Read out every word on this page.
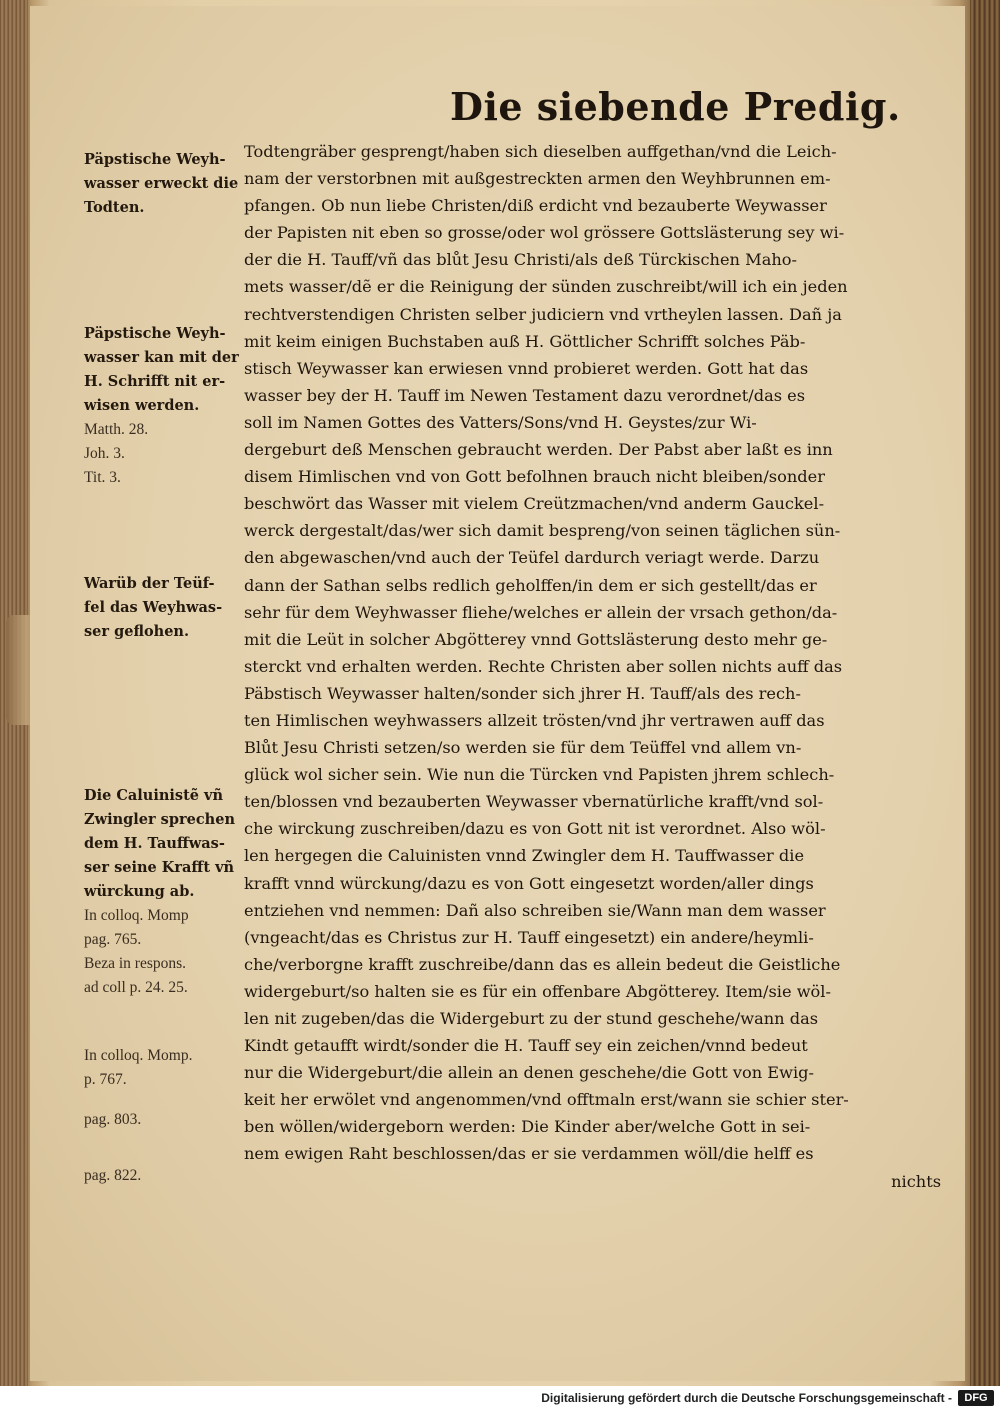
Die siebende Predig.
Päpstische Weyh-
wasser erweckt die
Todten.
Päpstische Weyh-
wasser kan mit der
H. Schrifft nit er-
wisen werden.
Matth. 28.
Joh. 3.
Tit. 3.
Warüb der Teüf-
fel das Weyhwas-
ser geflohen.
Die Caluinistẽ vñ
Zwingler sprechen
dem H. Tauffwas-
ser seine Krafft vñ
würckung ab.
In colloq. Momp
pag. 765.
Beza in respons.
ad coll p. 24. 25.
In colloq. Momp.
p. 767.
pag. 803.
pag. 822.
Todtengräber gesprengt/haben sich dieselben auffgethan/vnd die Leich-
nam der verstorbnen mit außgestreckten armen den Weyhbrunnen em-
pfangen. Ob nun liebe Christen/diß erdicht vnd bezauberte Weywasser
der Papisten nit eben so grosse/oder wol grössere Gottslästerung sey wi-
der die H. Tauff/vñ das blůt Jesu Christi/als deß Türckischen Maho-
mets wasser/dẽ er die Reinigung der sünden zuschreibt/will ich ein jeden
rechtverstendigen Christen selber judiciern vnd vrtheylen lassen. Dañ ja
mit keim einigen Buchstaben auß H. Göttlicher Schrifft solches Päb-
stisch Weywasser kan erwiesen vnnd probieret werden. Gott hat das
wasser bey der H. Tauff im Newen Testament dazu verordnet/das es
soll im Namen Gottes des Vatters/Sons/vnd H. Geystes/zur Wi-
dergeburt deß Menschen gebraucht werden. Der Pabst aber laßt es inn
disem Himlischen vnd von Gott befolhnen brauch nicht bleiben/sonder
beschwört das Wasser mit vielem Creützmachen/vnd anderm Gauckel-
werck dergestalt/das/wer sich damit bespreng/von seinen täglichen sün-
den abgewaschen/vnd auch der Teüfel dardurch veriagt werde. Darzu
dann der Sathan selbs redlich geholffen/in dem er sich gestellt/das er
sehr für dem Weyhwasser fliehe/welches er allein der vrsach gethon/da-
mit die Leüt in solcher Abgötterey vnnd Gottslästerung desto mehr ge-
sterckt vnd erhalten werden. Rechte Christen aber sollen nichts auff das
Päbstisch Weywasser halten/sonder sich jhrer H. Tauff/als des rech-
ten Himlischen weyhwassers allzeit trösten/vnd jhr vertrawen auff das
Blůt Jesu Christi setzen/so werden sie für dem Teüffel vnd allem vn-
glück wol sicher sein. Wie nun die Türcken vnd Papisten jhrem schlech-
ten/blossen vnd bezauberten Weywasser vbernatürliche krafft/vnd sol-
che wirckung zuschreiben/dazu es von Gott nit ist verordnet. Also wöl-
len hergegen die Caluinisten vnnd Zwingler dem H. Tauffwasser die
krafft vnnd würckung/dazu es von Gott eingesetzt worden/aller dings
entziehen vnd nemmen: Dañ also schreiben sie/Wann man dem wasser
(vngeacht/das es Christus zur H. Tauff eingesetzt) ein andere/heymli-
che/verborgne krafft zuschreibe/dann das es allein bedeut die Geistliche
widergeburt/so halten sie es für ein offenbare Abgötterey. Item/sie wöl-
len nit zugeben/das die Widergeburt zu der stund geschehe/wann das
Kindt getaufft wirdt/sonder die H. Tauff sey ein zeichen/vnnd bedeut
nur die Widergeburt/die allein an denen geschehe/die Gott von Ewig-
keit her erwölet vnd angenommen/vnd offtmaln erst/wann sie schier ster-
ben wöllen/widergeborn werden: Die Kinder aber/welche Gott in sei-
nem ewigen Raht beschlossen/das er sie verdammen wöll/die helff es
nichts
Digitalisierung gefördert durch die Deutsche Forschungsgemeinschaft -	DFG
